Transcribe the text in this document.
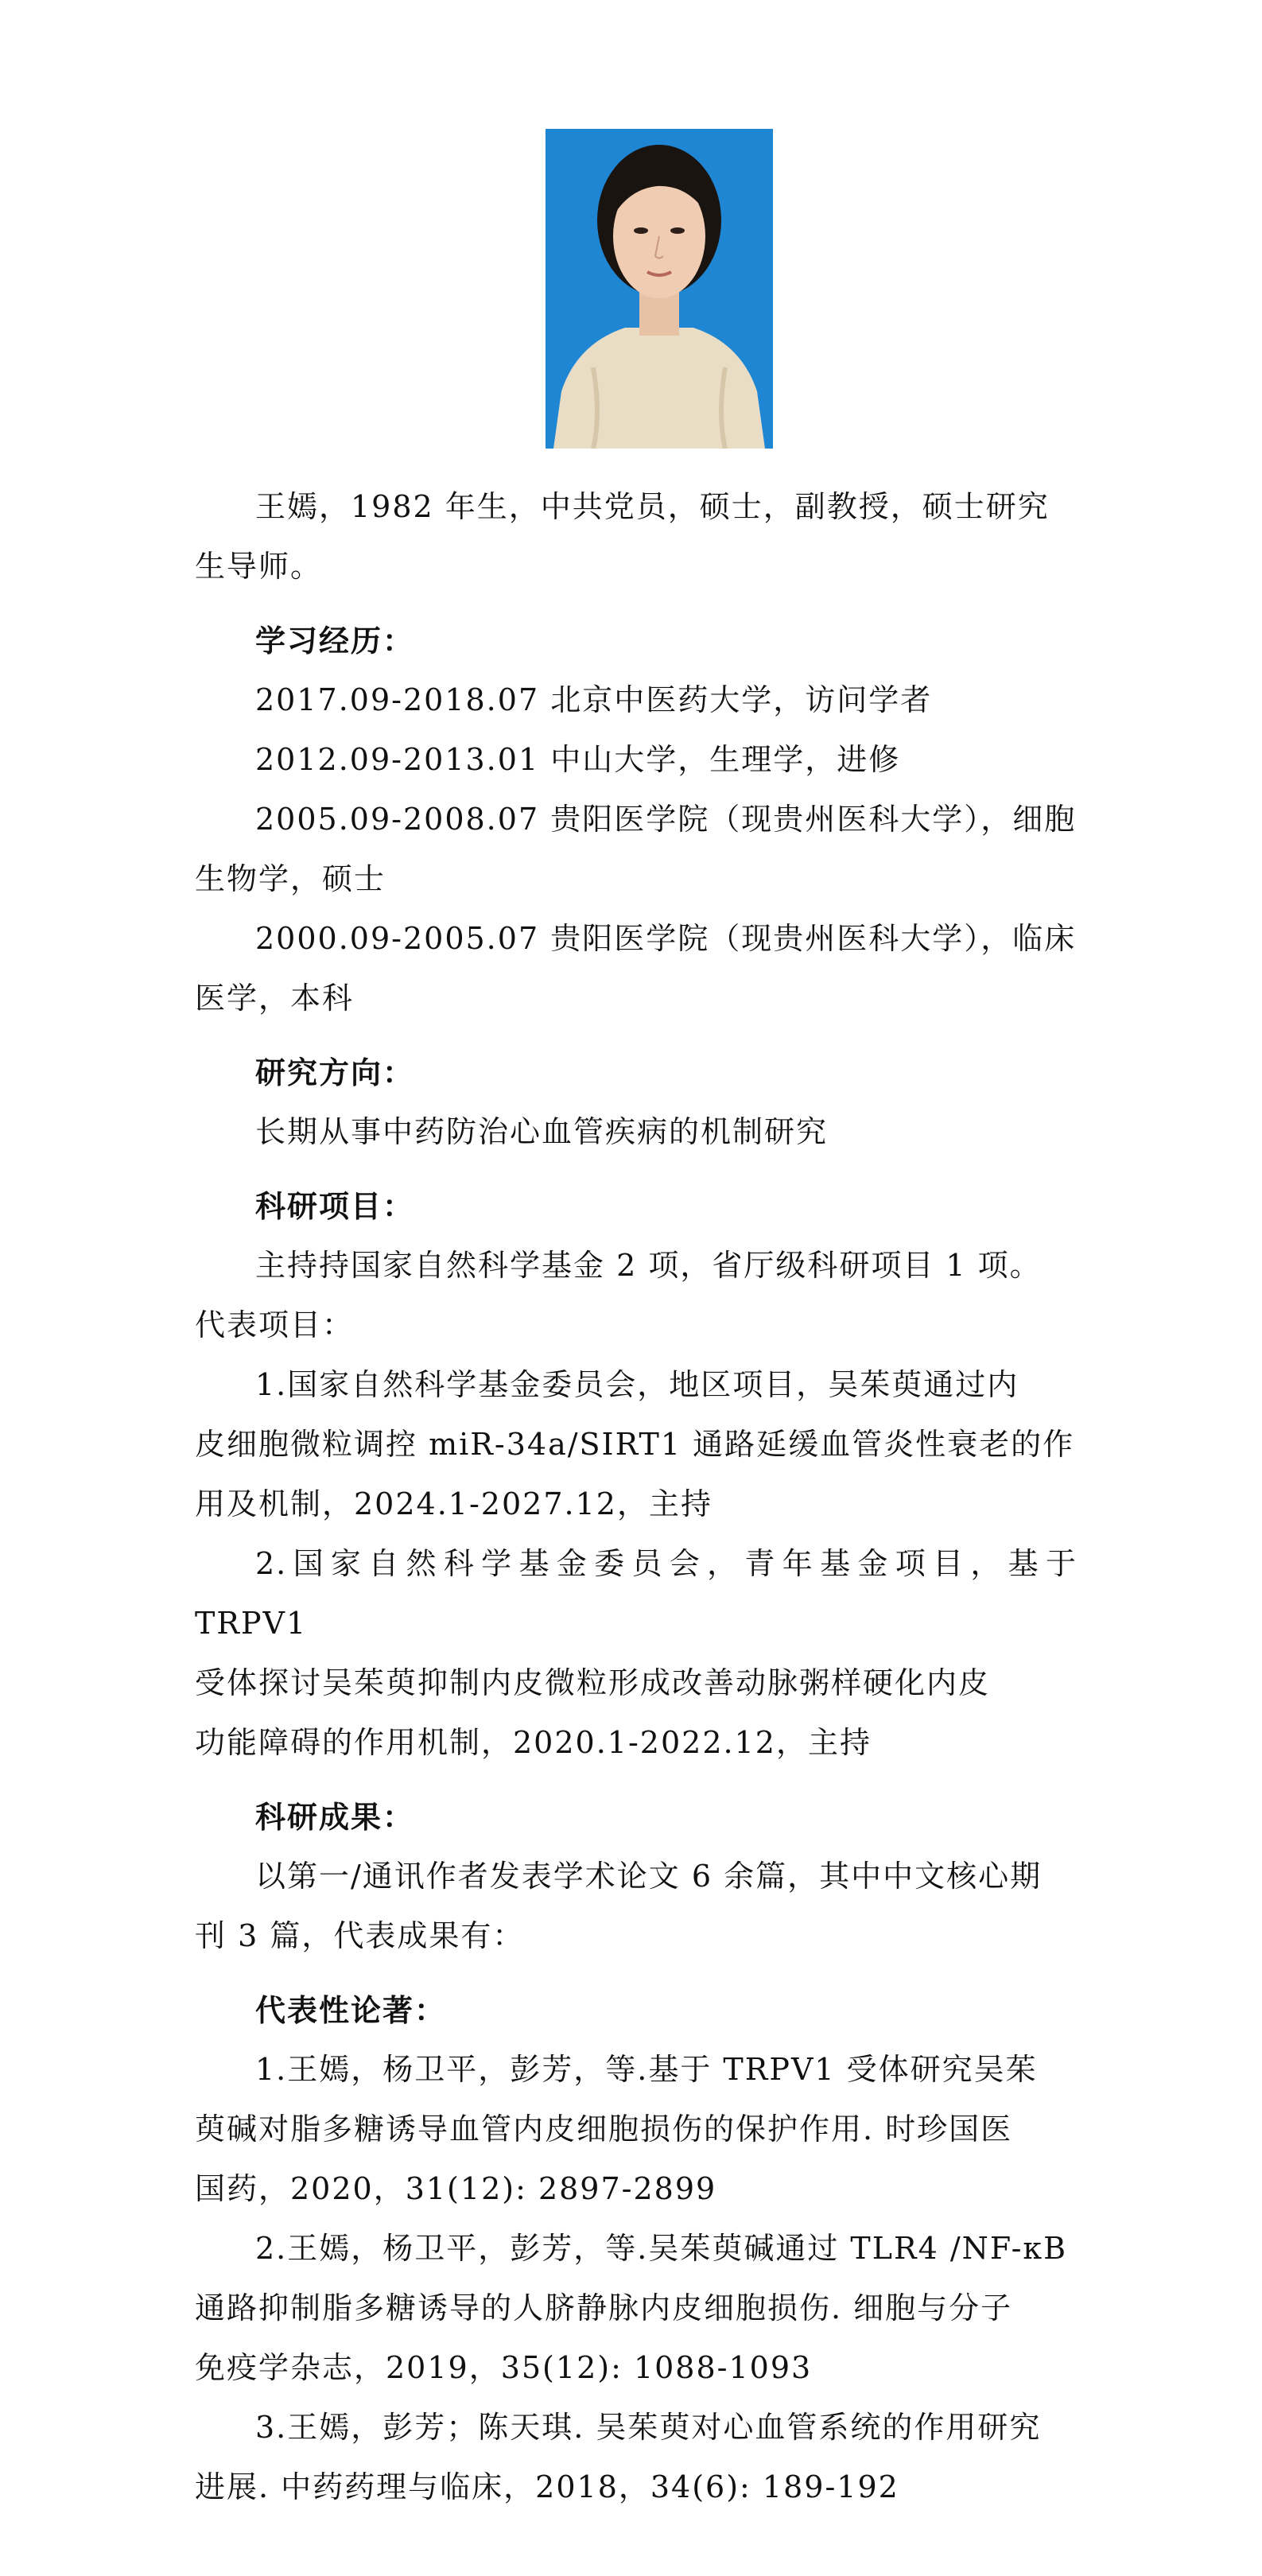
王嫣，1982 年生，中共党员，硕士，副教授，硕士研究
生导师。

学习经历：

2017.09-2018.07 北京中医药大学，访问学者

2012.09-2013.01 中山大学，生理学，进修

2005.09-2008.07 贵阳医学院（现贵州医科大学），细胞
生物学，硕士

2000.09-2005.07 贵阳医学院（现贵州医科大学），临床
医学，本科

研究方向：

长期从事中药防治心血管疾病的机制研究

科研项目：

主持持国家自然科学基金 2 项，省厅级科研项目 1 项。
代表项目：

1.国家自然科学基金委员会，地区项目，吴茱萸通过内
皮细胞微粒调控 miR-34a/SIRT1 通路延缓血管炎性衰老的作
用及机制，2024.1-2027.12，主持

2.国家自然科学基金委员会，青年基金项目，基于 TRPV1
受体探讨吴茱萸抑制内皮微粒形成改善动脉粥样硬化内皮
功能障碍的作用机制，2020.1-2022.12，主持

科研成果：

以第一/通讯作者发表学术论文 6 余篇，其中中文核心期
刊 3 篇，代表成果有：

代表性论著：

1.王嫣，杨卫平，彭芳，等.基于 TRPV1 受体研究吴茱
萸碱对脂多糖诱导血管内皮细胞损伤的保护作用. 时珍国医
国药，2020，31(12): 2897-2899

2.王嫣，杨卫平，彭芳，等.吴茱萸碱通过 TLR4 /NF-κB
通路抑制脂多糖诱导的人脐静脉内皮细胞损伤. 细胞与分子
免疫学杂志，2019，35(12): 1088-1093

3.王嫣，彭芳；陈天琪. 吴茱萸对心血管系统的作用研究
进展. 中药药理与临床，2018，34(6): 189-192
